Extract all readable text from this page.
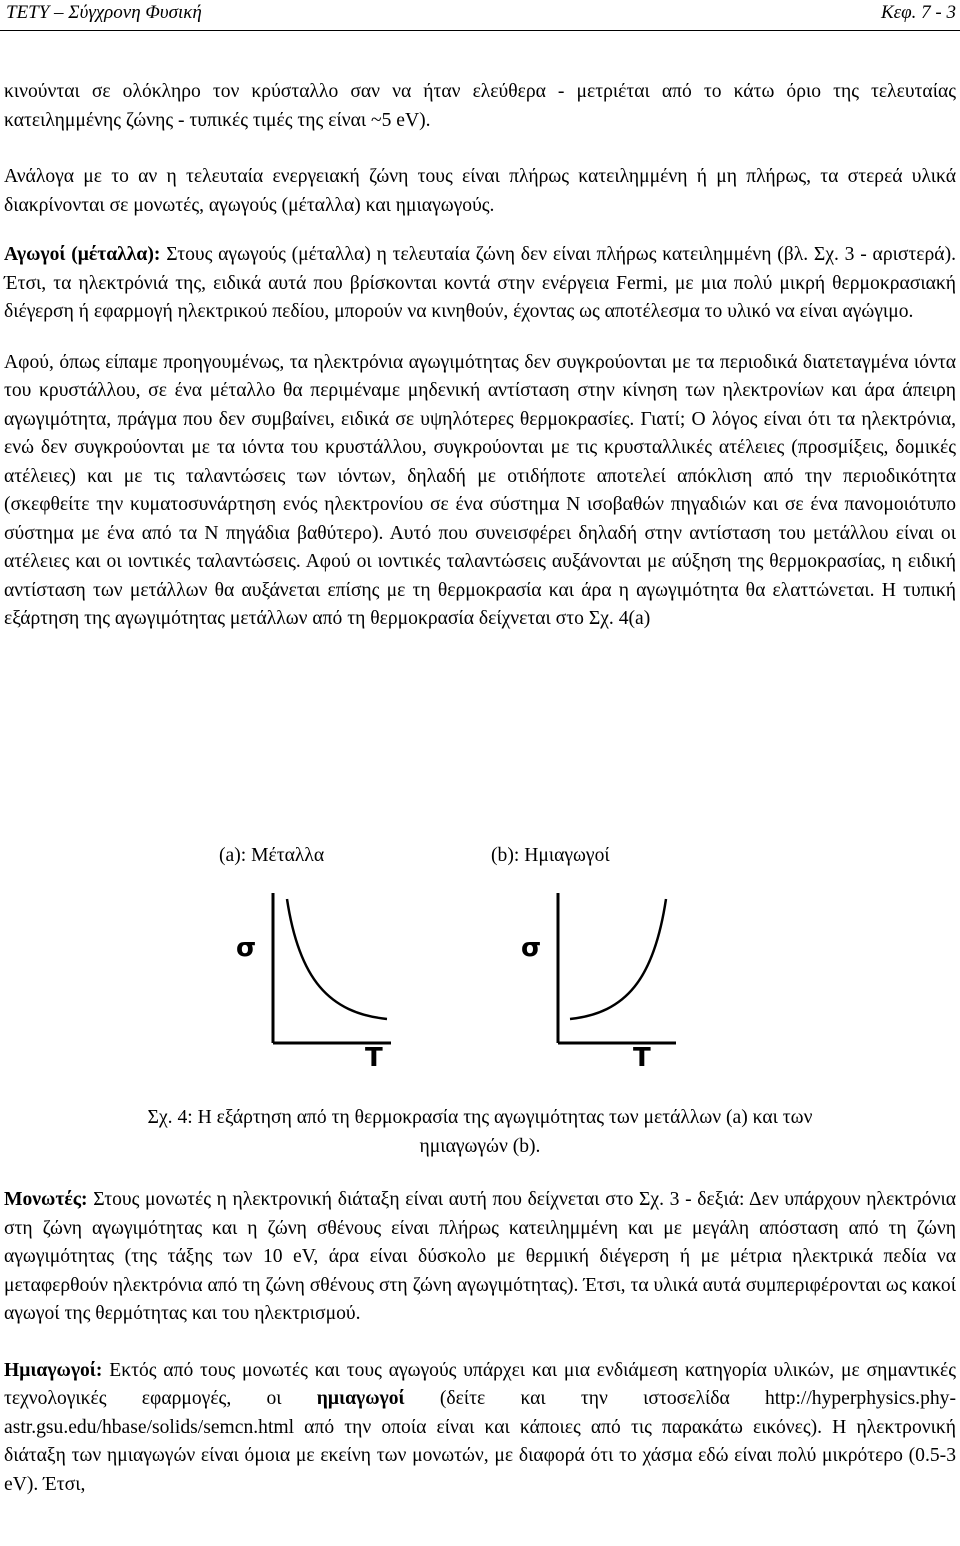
ΤΕΤΥ – Σύγχρονη Φυσική	Κεφ. 7 - 3

κινούνται σε ολόκληρο τον κρύσταλλο σαν να ήταν ελεύθερα - μετριέται από το κάτω όριο της τελευταίας κατειλημμένης ζώνης - τυπικές τιμές της είναι ~5 eV).

Ανάλογα με το αν η τελευταία ενεργειακή ζώνη τους είναι πλήρως κατειλημμένη ή μη πλήρως, τα στερεά υλικά διακρίνονται σε μονωτές, αγωγούς (μέταλλα) και ημιαγωγούς.

Αγωγοί (μέταλλα): Στους αγωγούς (μέταλλα) η τελευταία ζώνη δεν είναι πλήρως κατειλημμένη (βλ. Σχ. 3 - αριστερά). Έτσι, τα ηλεκτρόνιά της, ειδικά αυτά που βρίσκονται κοντά στην ενέργεια Fermi, με μια πολύ μικρή θερμοκρασιακή διέγερση ή εφαρμογή ηλεκτρικού πεδίου, μπορούν να κινηθούν, έχοντας ως αποτέλεσμα το υλικό να είναι αγώγιμο.

Αφού, όπως είπαμε προηγουμένως, τα ηλεκτρόνια αγωγιμότητας δεν συγκρούονται με τα περιοδικά διατεταγμένα ιόντα του κρυστάλλου, σε ένα μέταλλο θα περιμέναμε μηδενική αντίσταση στην κίνηση των ηλεκτρονίων και άρα άπειρη αγωγιμότητα, πράγμα που δεν συμβαίνει, ειδικά σε υψηλότερες θερμοκρασίες. Γιατί; Ο λόγος είναι ότι τα ηλεκτρόνια, ενώ δεν συγκρούονται με τα ιόντα του κρυστάλλου, συγκρούονται με τις κρυσταλλικές ατέλειες (προσμίξεις, δομικές ατέλειες) και με τις ταλαντώσεις των ιόντων, δηλαδή με οτιδήποτε αποτελεί απόκλιση από την περιοδικότητα (σκεφθείτε την κυματοσυνάρτηση ενός ηλεκτρονίου σε ένα σύστημα N ισοβαθών πηγαδιών και σε ένα πανομοιότυπο σύστημα με ένα από τα N πηγάδια βαθύτερο). Αυτό που συνεισφέρει δηλαδή στην αντίσταση του μετάλλου είναι οι ατέλειες και οι ιοντικές ταλαντώσεις. Αφού οι ιοντικές ταλαντώσεις αυξάνονται με αύξηση της θερμοκρασίας, η ειδική αντίσταση των μετάλλων θα αυξάνεται επίσης με τη θερμοκρασία και άρα η αγωγιμότητα θα ελαττώνεται. Η τυπική εξάρτηση της αγωγιμότητας μετάλλων από τη θερμοκρασία δείχνεται στο Σχ. 4(a)

(a): Μέταλλα	(b): Ημιαγωγοί
σ
T
σ
T
Σχ. 4: Η εξάρτηση από τη θερμοκρασία της αγωγιμότητας των μετάλλων (a) και των
ημιαγωγών (b).

Μονωτές: Στους μονωτές η ηλεκτρονική διάταξη είναι αυτή που δείχνεται στο Σχ. 3 - δεξιά: Δεν υπάρχουν ηλεκτρόνια στη ζώνη αγωγιμότητας και η ζώνη σθένους είναι πλήρως κατειλημμένη και με μεγάλη απόσταση από τη ζώνη αγωγιμότητας (της τάξης των 10 eV, άρα είναι δύσκολο με θερμική διέγερση ή με μέτρια ηλεκτρικά πεδία να μεταφερθούν ηλεκτρόνια από τη ζώνη σθένους στη ζώνη αγωγιμότητας). Έτσι, τα υλικά αυτά συμπεριφέρονται ως κακοί αγωγοί της θερμότητας και του ηλεκτρισμού.

Ημιαγωγοί: Εκτός από τους μονωτές και τους αγωγούς υπάρχει και μια ενδιάμεση κατηγορία υλικών, με σημαντικές τεχνολογικές εφαρμογές, οι ημιαγωγοί (δείτε και την ιστοσελίδα http://hyperphysics.phy-astr.gsu.edu/hbase/solids/semcn.html από την οποία είναι και κάποιες από τις παρακάτω εικόνες). Η ηλεκτρονική διάταξη των ημιαγωγών είναι όμοια με εκείνη των μονωτών, με διαφορά ότι το χάσμα εδώ είναι πολύ μικρότερο (0.5-3 eV). Έτσι,
